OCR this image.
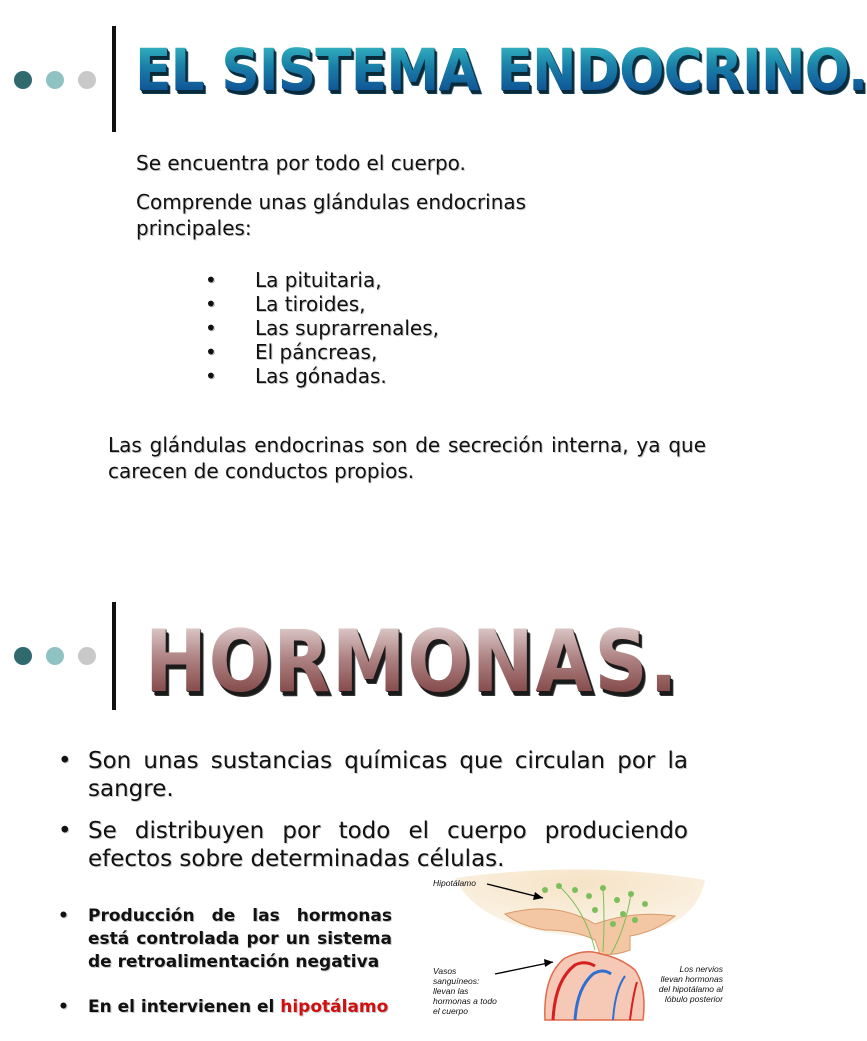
EL SISTEMA ENDOCRINO.
Se encuentra por todo el cuerpo.
Comprende unas glándulas endocrinas principales:
•	La pituitaria,
•	La tiroides,
•	Las suprarrenales,
•	El páncreas,
•	Las gónadas.
Las glándulas endocrinas son de secreción interna, ya que carecen de conductos propios.
HORMONAS.
• Son unas sustancias químicas que circulan por la sangre.
• Se distribuyen por todo el cuerpo produciendo efectos sobre determinadas células.
•	Producción de las hormonas está controlada por un sistema de retroalimentación negativa
•	En el intervienen el hipotálamo
Hipotálamo
Vasos sanguíneos: llevan las hormonas a todo el cuerpo
Los nervios llevan hormonas del hipotálamo al lóbulo posterior
